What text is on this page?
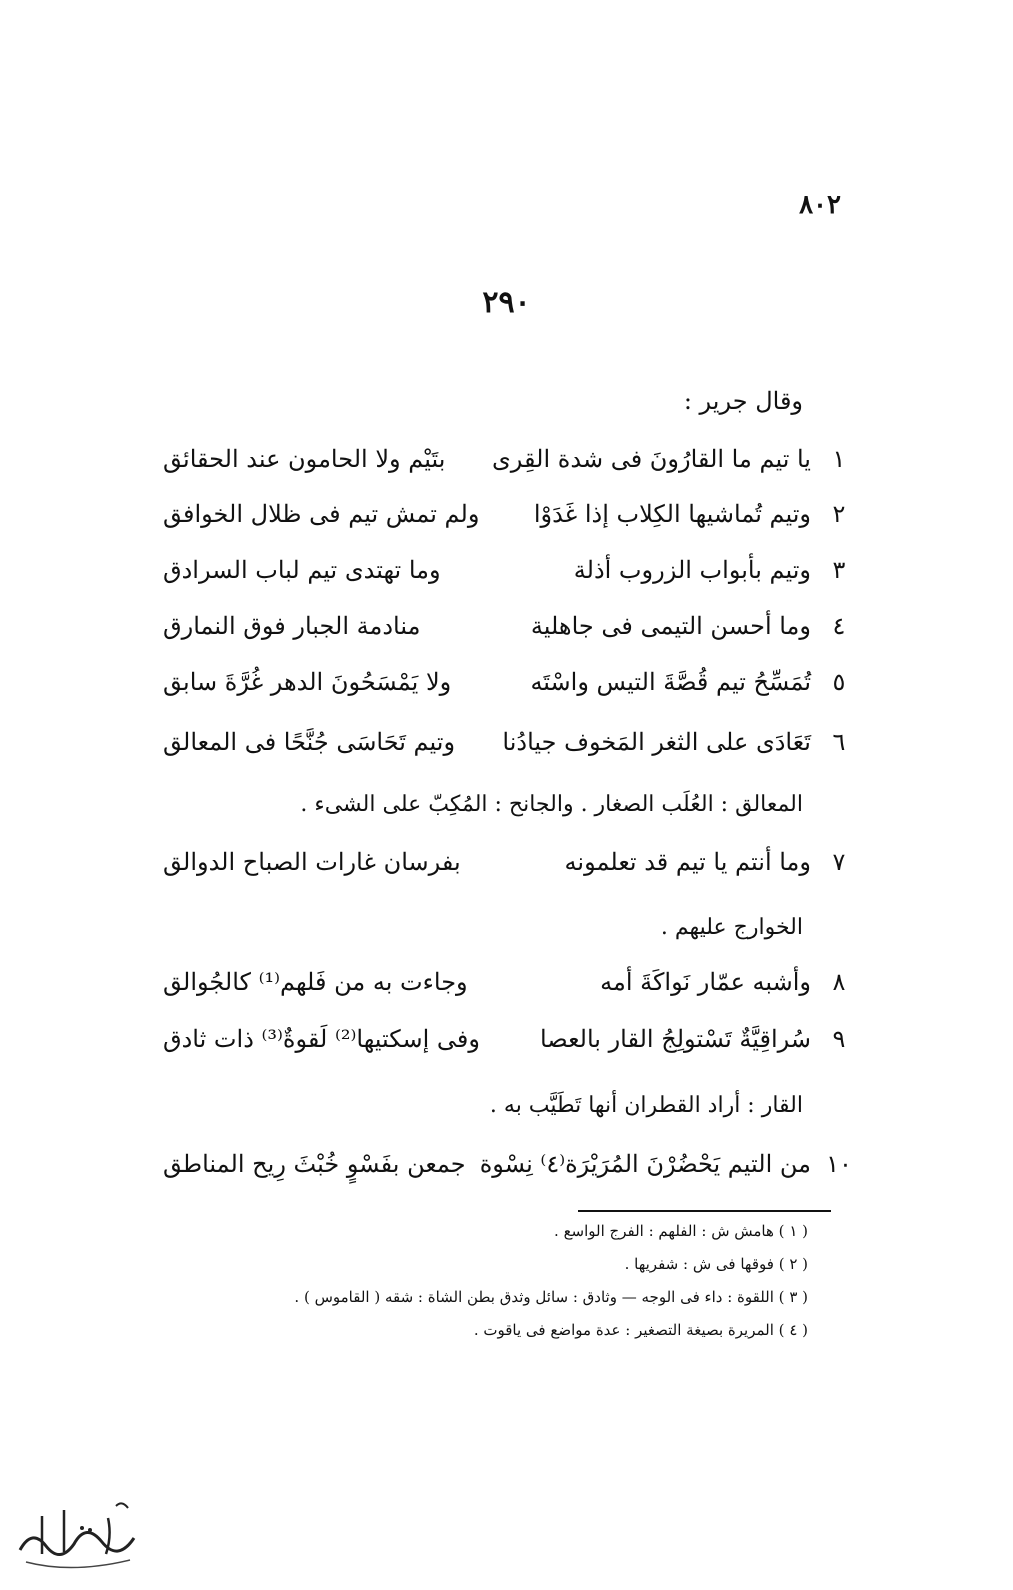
٨٠٢
٢٩٠
وقال جرير :
١
يا تيم ما القارُونَ فى شدة القِرى
بتَيْم ولا الحامون عند الحقائق
٢
وتيم تُماشيها الكِلاب إذا غَدَوْا
ولم تمش تيم فى ظلال الخوافق
٣
وتيم بأبواب الزروب أذلة
وما تهتدى تيم لباب السرادق
٤
وما أحسن التيمى فى جاهلية
منادمة الجبار فوق النمارق
٥
تُمَسِّحُ تيم قُصَّةَ التيس واسْتَه
ولا يَمْسَحُونَ الدهر غُرَّةَ سابق
٦
تَعَادَى على الثغر المَخوف جيادُنا
وتيم تَحَاسَى جُنَّحًا فى المعالق
المعالق : العُلَب الصغار . والجانح : المُكِبّ على الشىء .
٧
وما أنتم يا تيم قد تعلمونه
بفرسان غارات الصباح الدوالق
الخوارج عليهم .
٨
وأشبه عمّار نَواكَةَ أمه
وجاءت به من فَلهم⁽¹⁾ كالجُوالق
٩
سُراقِيَّةٌ تَسْتولِجُ القار بالعصا
وفى إسكتيها⁽²⁾ لَقوةٌ⁽³⁾ ذات ثادق
القار : أراد القطران أنها تَطَيَّب به .
١٠
من التيم يَحْضُرْنَ المُرَيْرَة⁽٤⁾ نِسْوة
جمعن بفَسْوٍ خُبْثَ رِيح المناطق
( ١ ) هامش ش : الفلهم : الفرج الواسع .
( ٢ ) فوقها فى ش : شفريها .
( ٣ ) اللقوة : داء فى الوجه — وثادق : سائل وثدق بطن الشاة : شقه ( القاموس ) .
( ٤ ) المريرة بصيغة التصغير : عدة مواضع فى ياقوت .
